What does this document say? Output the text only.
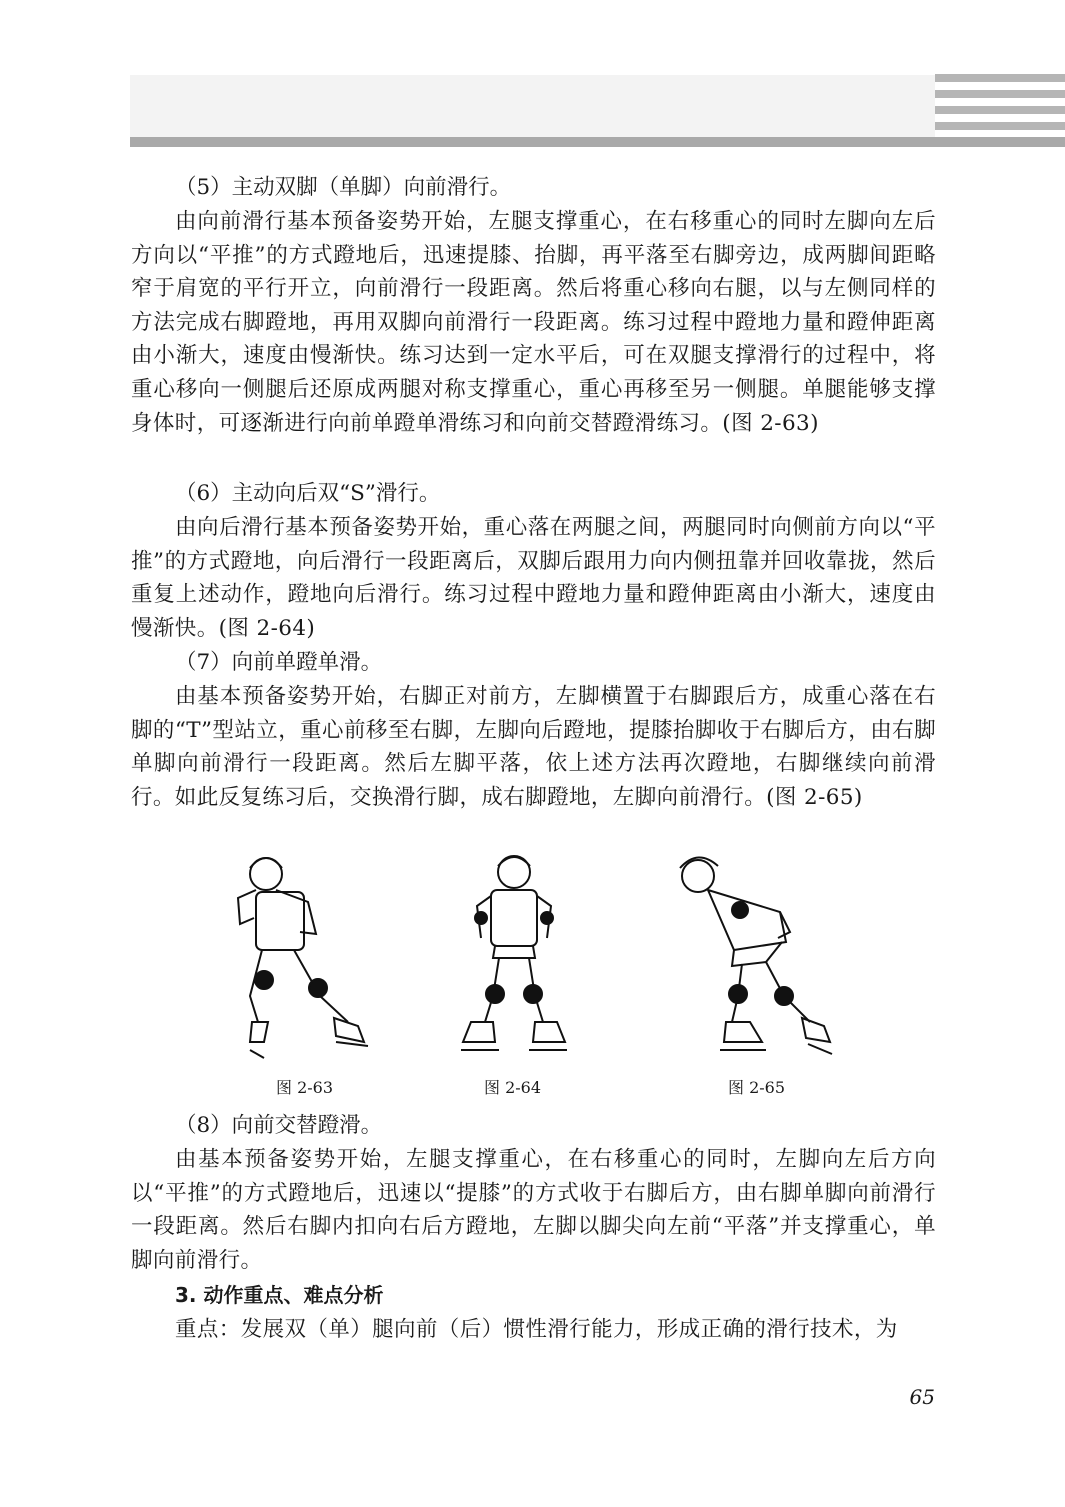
（5）主动双脚（单脚）向前滑行。

由向前滑行基本预备姿势开始，左腿支撑重心，在右移重心的同时左脚向左后方向以“平推”的方式蹬地后，迅速提膝、抬脚，再平落至右脚旁边，成两脚间距略窄于肩宽的平行开立，向前滑行一段距离。然后将重心移向右腿，以与左侧同样的方法完成右脚蹬地，再用双脚向前滑行一段距离。练习过程中蹬地力量和蹬伸距离由小渐大，速度由慢渐快。练习达到一定水平后，可在双腿支撑滑行的过程中，将重心移向一侧腿后还原成两腿对称支撑重心，重心再移至另一侧腿。单腿能够支撑身体时，可逐渐进行向前单蹬单滑练习和向前交替蹬滑练习。(图 2-63)

（6）主动向后双“S”滑行。

由向后滑行基本预备姿势开始，重心落在两腿之间，两腿同时向侧前方向以“平推”的方式蹬地，向后滑行一段距离后，双脚后跟用力向内侧扭靠并回收靠拢，然后重复上述动作，蹬地向后滑行。练习过程中蹬地力量和蹬伸距离由小渐大，速度由慢渐快。(图 2-64)

（7）向前单蹬单滑。

由基本预备姿势开始，右脚正对前方，左脚横置于右脚跟后方，成重心落在右脚的“T”型站立，重心前移至右脚，左脚向后蹬地，提膝抬脚收于右脚后方，由右脚单脚向前滑行一段距离。然后左脚平落，依上述方法再次蹬地，右脚继续向前滑行。如此反复练习后，交换滑行脚，成右脚蹬地，左脚向前滑行。(图 2-65)

图 2-63	图 2-64	图 2-65

（8）向前交替蹬滑。

由基本预备姿势开始，左腿支撑重心，在右移重心的同时，左脚向左后方向以“平推”的方式蹬地后，迅速以“提膝”的方式收于右脚后方，由右脚单脚向前滑行一段距离。然后右脚内扣向右后方蹬地，左脚以脚尖向左前“平落”并支撑重心，单脚向前滑行。

3. 动作重点、难点分析

重点：发展双（单）腿向前（后）惯性滑行能力，形成正确的滑行技术，为

65
